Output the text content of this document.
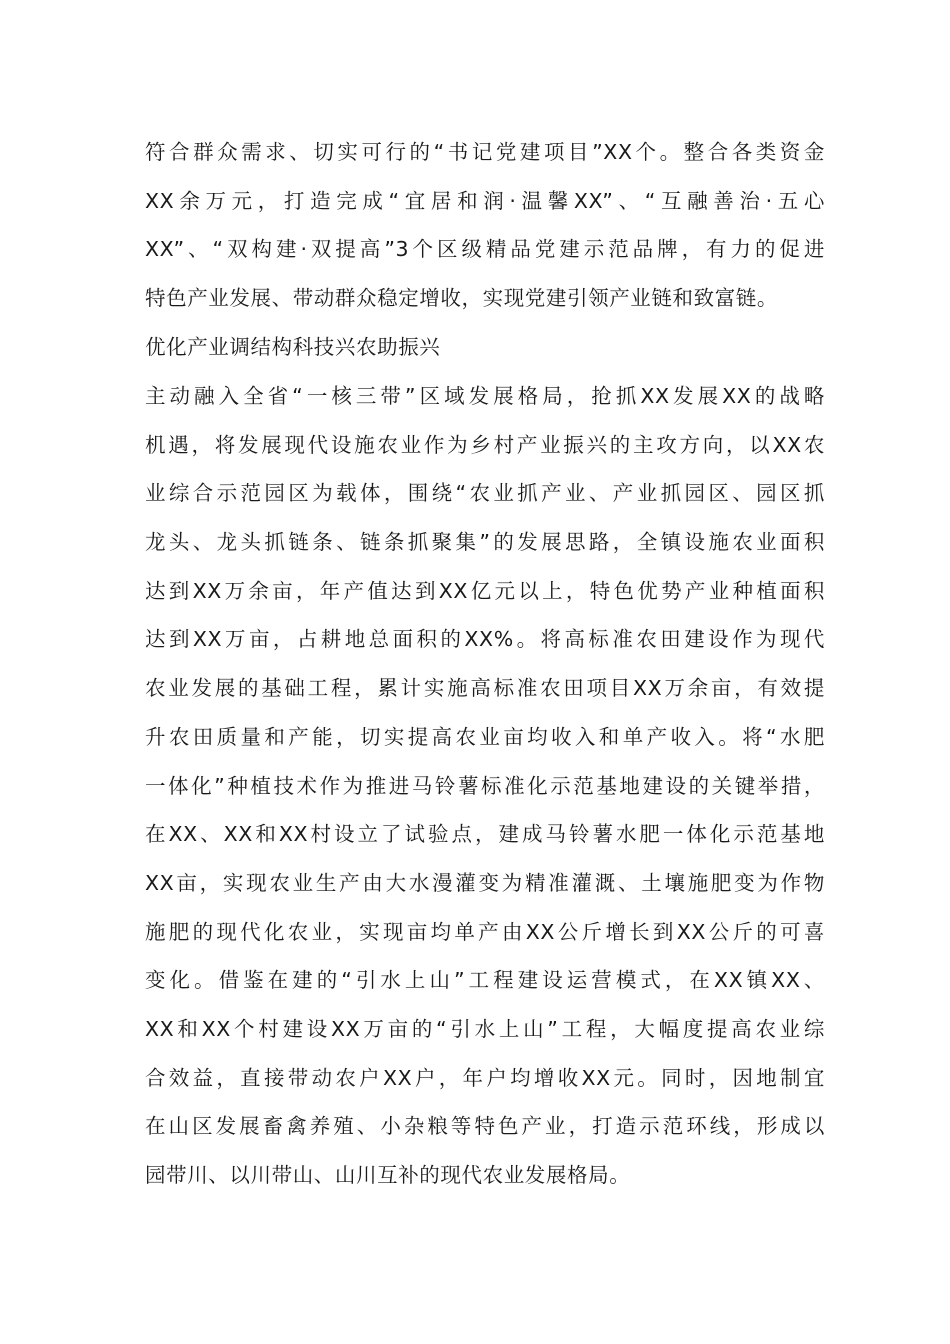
符合群众需求、切实可行的“书记党建项目”XX个。整合各类资金
XX余万元，打造完成“宜居和润·温馨XX”、“互融善治·五心
XX”、“双构建·双提高”3个区级精品党建示范品牌，有力的促进
特色产业发展、带动群众稳定增收，实现党建引领产业链和致富链。
优化产业调结构科技兴农助振兴
主动融入全省“一核三带”区域发展格局，抢抓XX发展XX的战略
机遇，将发展现代设施农业作为乡村产业振兴的主攻方向，以XX农
业综合示范园区为载体，围绕“农业抓产业、产业抓园区、园区抓
龙头、龙头抓链条、链条抓聚集”的发展思路，全镇设施农业面积
达到XX万余亩，年产值达到XX亿元以上，特色优势产业种植面积
达到XX万亩，占耕地总面积的XX%。将高标准农田建设作为现代
农业发展的基础工程，累计实施高标准农田项目XX万余亩，有效提
升农田质量和产能，切实提高农业亩均收入和单产收入。将“水肥
一体化”种植技术作为推进马铃薯标准化示范基地建设的关键举措，
在XX、XX和XX村设立了试验点，建成马铃薯水肥一体化示范基地
XX亩，实现农业生产由大水漫灌变为精准灌溉、土壤施肥变为作物
施肥的现代化农业，实现亩均单产由XX公斤增长到XX公斤的可喜
变化。借鉴在建的“引水上山”工程建设运营模式，在XX镇XX、
XX和XX个村建设XX万亩的“引水上山”工程，大幅度提高农业综
合效益，直接带动农户XX户，年户均增收XX元。同时，因地制宜
在山区发展畜禽养殖、小杂粮等特色产业，打造示范环线，形成以
园带川、以川带山、山川互补的现代农业发展格局。
